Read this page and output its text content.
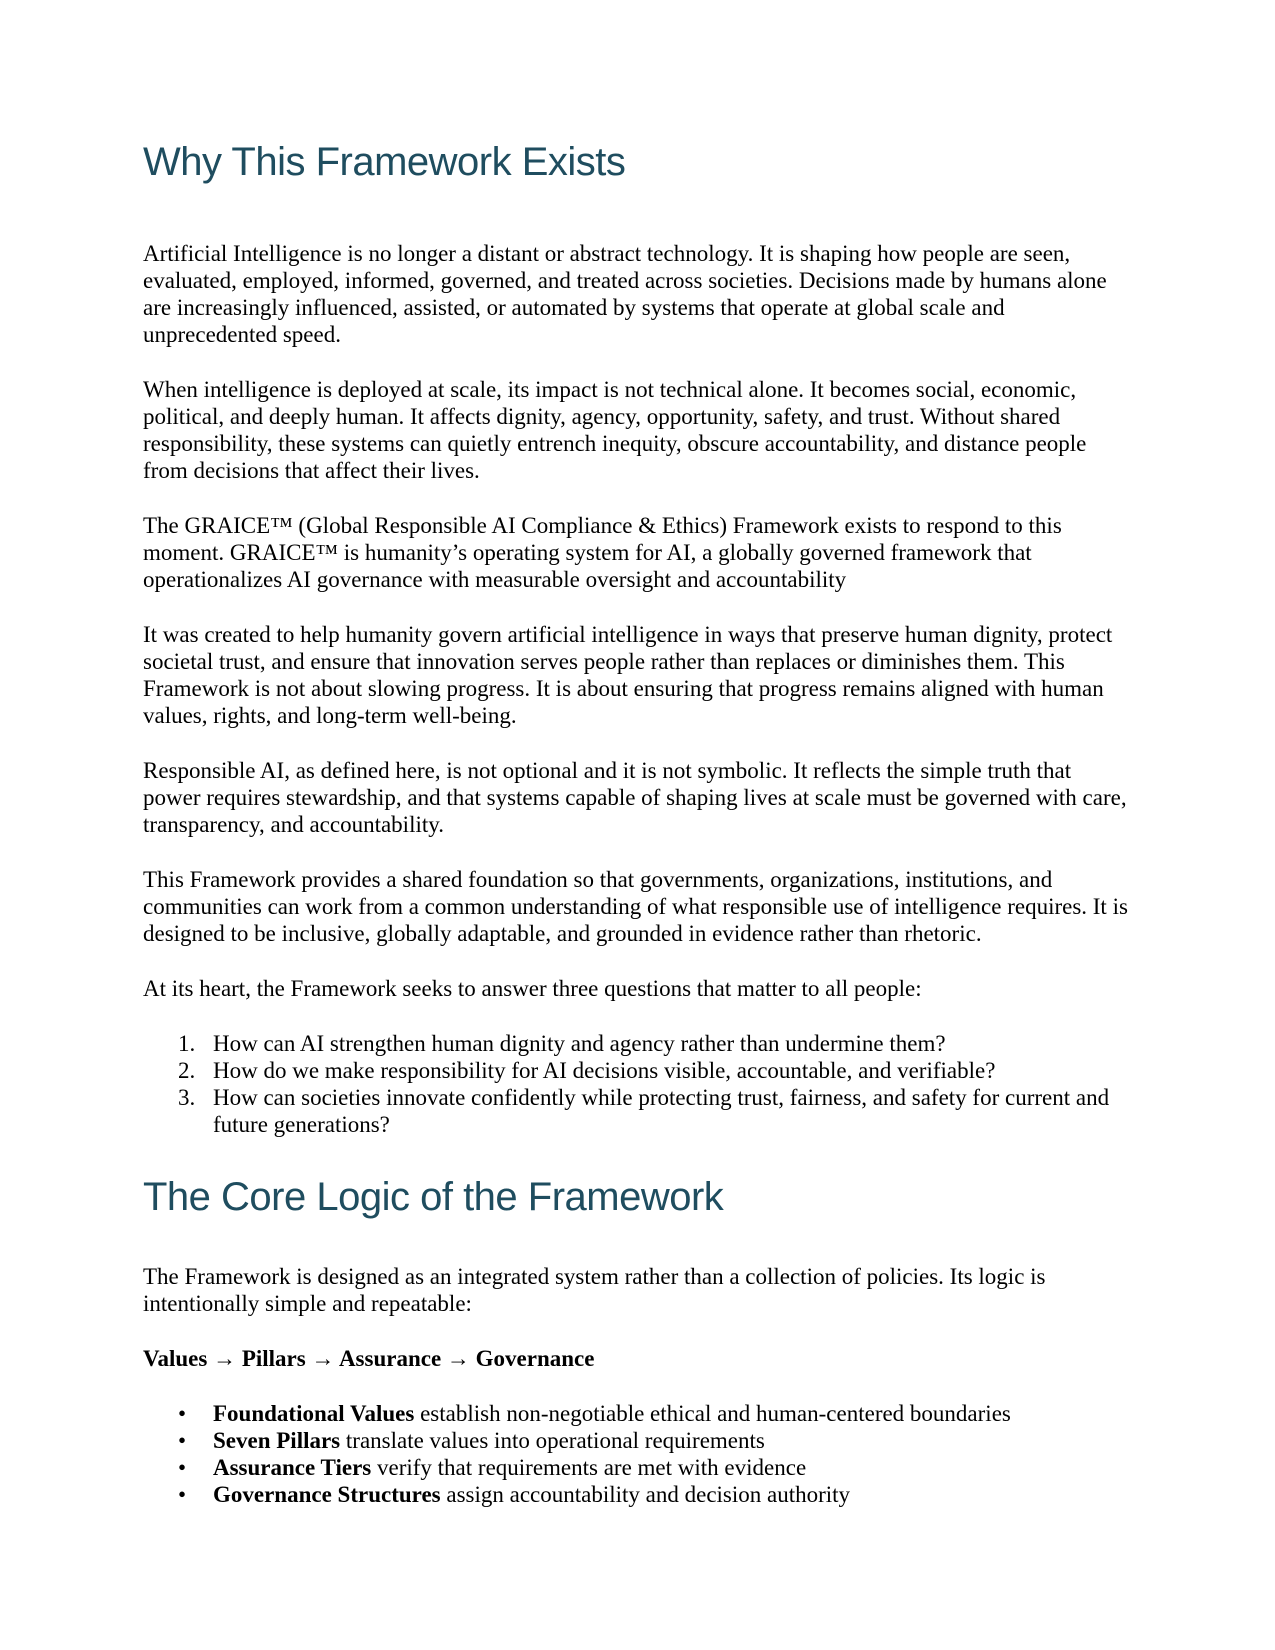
Why This Framework Exists

Artificial Intelligence is no longer a distant or abstract technology. It is shaping how people are seen, evaluated, employed, informed, governed, and treated across societies. Decisions made by humans alone are increasingly influenced, assisted, or automated by systems that operate at global scale and unprecedented speed.

When intelligence is deployed at scale, its impact is not technical alone. It becomes social, economic, political, and deeply human. It affects dignity, agency, opportunity, safety, and trust. Without shared responsibility, these systems can quietly entrench inequity, obscure accountability, and distance people from decisions that affect their lives.

The GRAICE™ (Global Responsible AI Compliance & Ethics) Framework exists to respond to this moment. GRAICE™ is humanity’s operating system for AI, a globally governed framework that operationalizes AI governance with measurable oversight and accountability

It was created to help humanity govern artificial intelligence in ways that preserve human dignity, protect societal trust, and ensure that innovation serves people rather than replaces or diminishes them. This Framework is not about slowing progress. It is about ensuring that progress remains aligned with human values, rights, and long-term well-being.

Responsible AI, as defined here, is not optional and it is not symbolic. It reflects the simple truth that power requires stewardship, and that systems capable of shaping lives at scale must be governed with care, transparency, and accountability.

This Framework provides a shared foundation so that governments, organizations, institutions, and communities can work from a common understanding of what responsible use of intelligence requires. It is designed to be inclusive, globally adaptable, and grounded in evidence rather than rhetoric.

At its heart, the Framework seeks to answer three questions that matter to all people:

1. How can AI strengthen human dignity and agency rather than undermine them?
2. How do we make responsibility for AI decisions visible, accountable, and verifiable?
3. How can societies innovate confidently while protecting trust, fairness, and safety for current and future generations?
The Core Logic of the Framework

The Framework is designed as an integrated system rather than a collection of policies. Its logic is intentionally simple and repeatable:

Values → Pillars → Assurance → Governance

•	Foundational Values establish non-negotiable ethical and human-centered boundaries
•	Seven Pillars translate values into operational requirements
•	Assurance Tiers verify that requirements are met with evidence
•	Governance Structures assign accountability and decision authority
